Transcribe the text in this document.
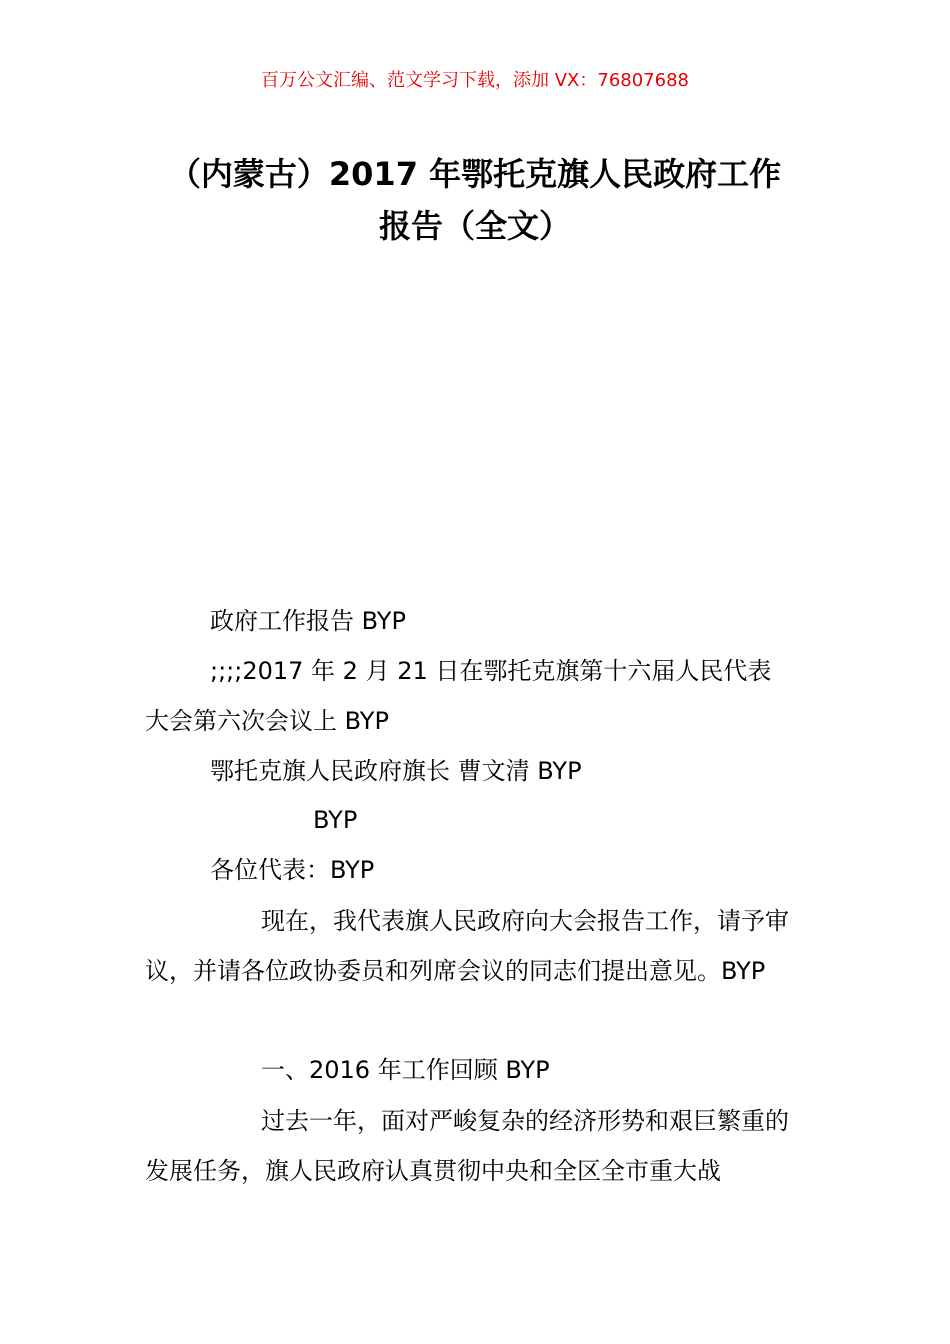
百万公文汇编、范文学习下载，添加 VX：76807688
（内蒙古）2017 年鄂托克旗人民政府工作
报告（全文）
政府工作报告 BYP
;;;;2017 年 2 月 21 日在鄂托克旗第十六届人民代表
大会第六次会议上 BYP
鄂托克旗人民政府旗长 曹文清 BYP
BYP
各位代表：BYP

现在，我代表旗人民政府向大会报告工作，请予审议，并请各位政协委员和列席会议的同志们提出意见。BYP

一、2016 年工作回顾 BYP

过去一年，面对严峻复杂的经济形势和艰巨繁重的发展任务，旗人民政府认真贯彻中央和全区全市重大战
